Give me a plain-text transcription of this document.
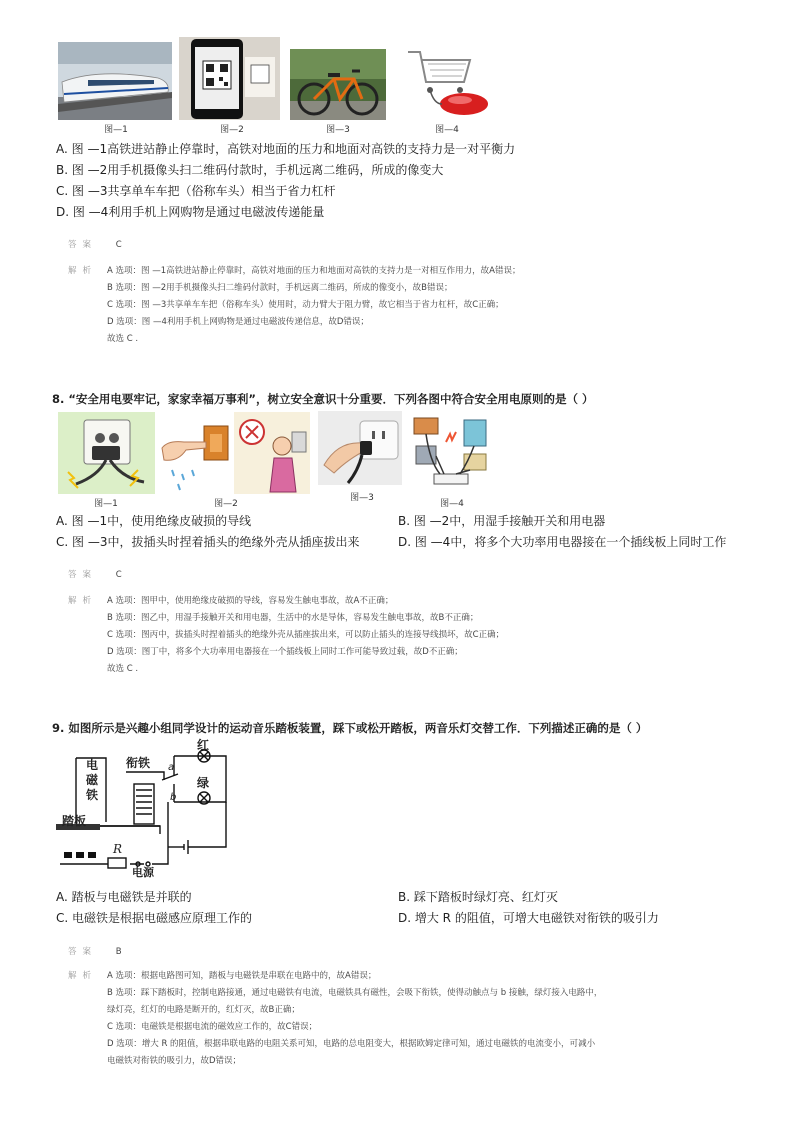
图—1	图—2	图—3	图—4
A. 图 —1高铁进站静止停靠时，高铁对地面的压力和地面对高铁的支持力是一对平衡力
B. 图 —2用手机摄像头扫二维码付款时，手机远离二维码，所成的像变大
C. 图 —3共享单车车把（俗称车头）相当于省力杠杆
D. 图 —4利用手机上网购物是通过电磁波传递能量
答案 C
解析 A 选项：图 —1高铁进站静止停靠时，高铁对地面的压力和地面对高铁的支持力是一对相互作用力，故A错误；
B 选项：图 —2用手机摄像头扫二维码付款时，手机远离二维码，所成的像变小，故B错误；
C 选项：图 —3共享单车车把（俗称车头）使用时，动力臂大于阻力臂，故它相当于省力杠杆，故C正确；
D 选项：图 —4利用手机上网购物是通过电磁波传递信息，故D错误；
故选 C .
8. “安全用电要牢记，家家幸福万事利”，树立安全意识十分重要．下列各图中符合安全用电原则的是（ ）
图—1	图—2
图—3
图—4
A. 图 —1中，使用绝缘皮破损的导线	B. 图 —2中，用湿手接触开关和用电器
C. 图 —3中，拔插头时捏着插头的绝缘外壳从插座拔出来	D. 图 —4中，将多个大功率用电器接在一个插线板上同时工作
答案 C
解析 A 选项：图甲中，使用绝缘皮破损的导线，容易发生触电事故，故A不正确；
B 选项：图乙中，用湿手接触开关和用电器，生活中的水是导体，容易发生触电事故，故B不正确；
C 选项：图丙中，拔插头时捏着插头的绝缘外壳从插座拔出来，可以防止插头的连接导线损坏，故C正确；
D 选项：图丁中，将多个大功率用电器接在一个插线板上同时工作可能导致过载，故D不正确；
故选 C .
9. 如图所示是兴趣小组同学设计的运动音乐踏板装置，踩下或松开踏板，两音乐灯交替工作．下列描述正确的是（ ）
红
绿
衔铁
电磁铁
踏板
电源
R
a
b
A. 踏板与电磁铁是并联的	B. 踩下踏板时绿灯亮、红灯灭
C. 电磁铁是根据电磁感应原理工作的	D. 增大 R 的阻值，可增大电磁铁对衔铁的吸引力
答案 B
解析 A 选项：根据电路图可知，踏板与电磁铁是串联在电路中的，故A错误；
B 选项：踩下踏板时，控制电路接通，通过电磁铁有电流，电磁铁具有磁性，会吸下衔铁，使得动触点与 b 接触，绿灯接入电路中，
绿灯亮，红灯的电路是断开的，红灯灭，故B正确；
C 选项：电磁铁是根据电流的磁效应工作的，故C错误；
D 选项：增大 R 的阻值，根据串联电路的电阻关系可知，电路的总电阻变大，根据欧姆定律可知，通过电磁铁的电流变小，可减小
电磁铁对衔铁的吸引力，故D错误；
